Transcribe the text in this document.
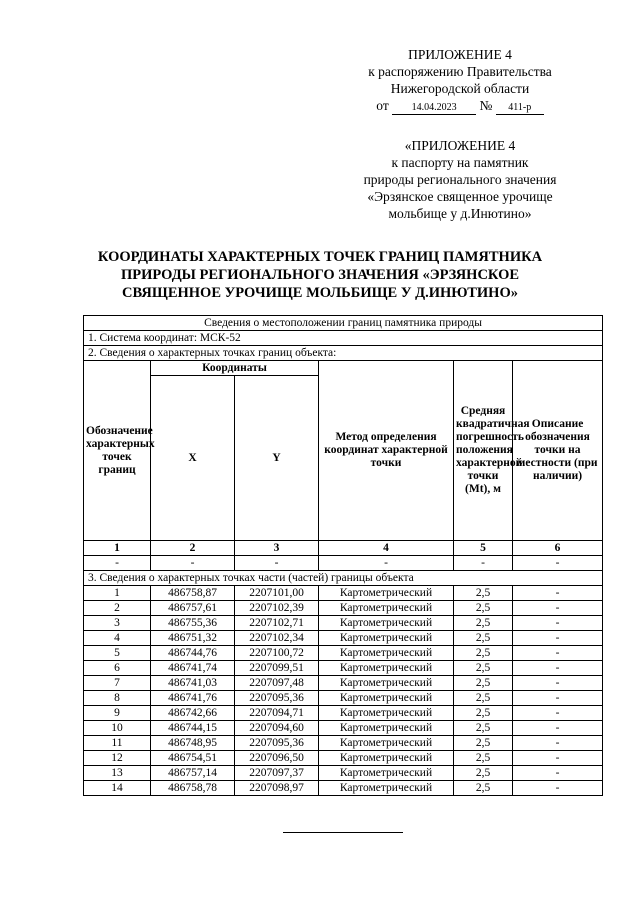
ПРИЛОЖЕНИЕ 4
к распоряжению Правительства
Нижегородской области
от 14.04.2023 № 411-р
«ПРИЛОЖЕНИЕ 4
к паспорту на памятник
природы регионального значения
«Эрзянское священное урочище
мольбище у д.Инютино»
КООРДИНАТЫ ХАРАКТЕРНЫХ ТОЧЕК ГРАНИЦ ПАМЯТНИКА
ПРИРОДЫ РЕГИОНАЛЬНОГО ЗНАЧЕНИЯ «ЭРЗЯНСКОЕ
СВЯЩЕННОЕ УРОЧИЩЕ МОЛЬБИЩЕ У Д.ИНЮТИНО»
Сведения о местоположении границ памятника природы					
1. Система координат: МСК-52					
2. Сведения о характерных точках границ объекта:					
Обозначение характерных точек границ	Координаты		Метод определения координат характерной точки	Средняя квадратичная погрешность положения характерной точки (Mt), м	Описание обозначения точки на местности (при наличии)
	X	Y			
1	2	3	4	5	6
-	-	-	-	-	-
3. Сведения о характерных точках части (частей) границы объекта					
1	486758,87	2207101,00	Картометрический	2,5	-
2	486757,61	2207102,39	Картометрический	2,5	-
3	486755,36	2207102,71	Картометрический	2,5	-
4	486751,32	2207102,34	Картометрический	2,5	-
5	486744,76	2207100,72	Картометрический	2,5	-
6	486741,74	2207099,51	Картометрический	2,5	-
7	486741,03	2207097,48	Картометрический	2,5	-
8	486741,76	2207095,36	Картометрический	2,5	-
9	486742,66	2207094,71	Картометрический	2,5	-
10	486744,15	2207094,60	Картометрический	2,5	-
11	486748,95	2207095,36	Картометрический	2,5	-
12	486754,51	2207096,50	Картометрический	2,5	-
13	486757,14	2207097,37	Картометрический	2,5	-
14	486758,78	2207098,97	Картометрический	2,5	-
